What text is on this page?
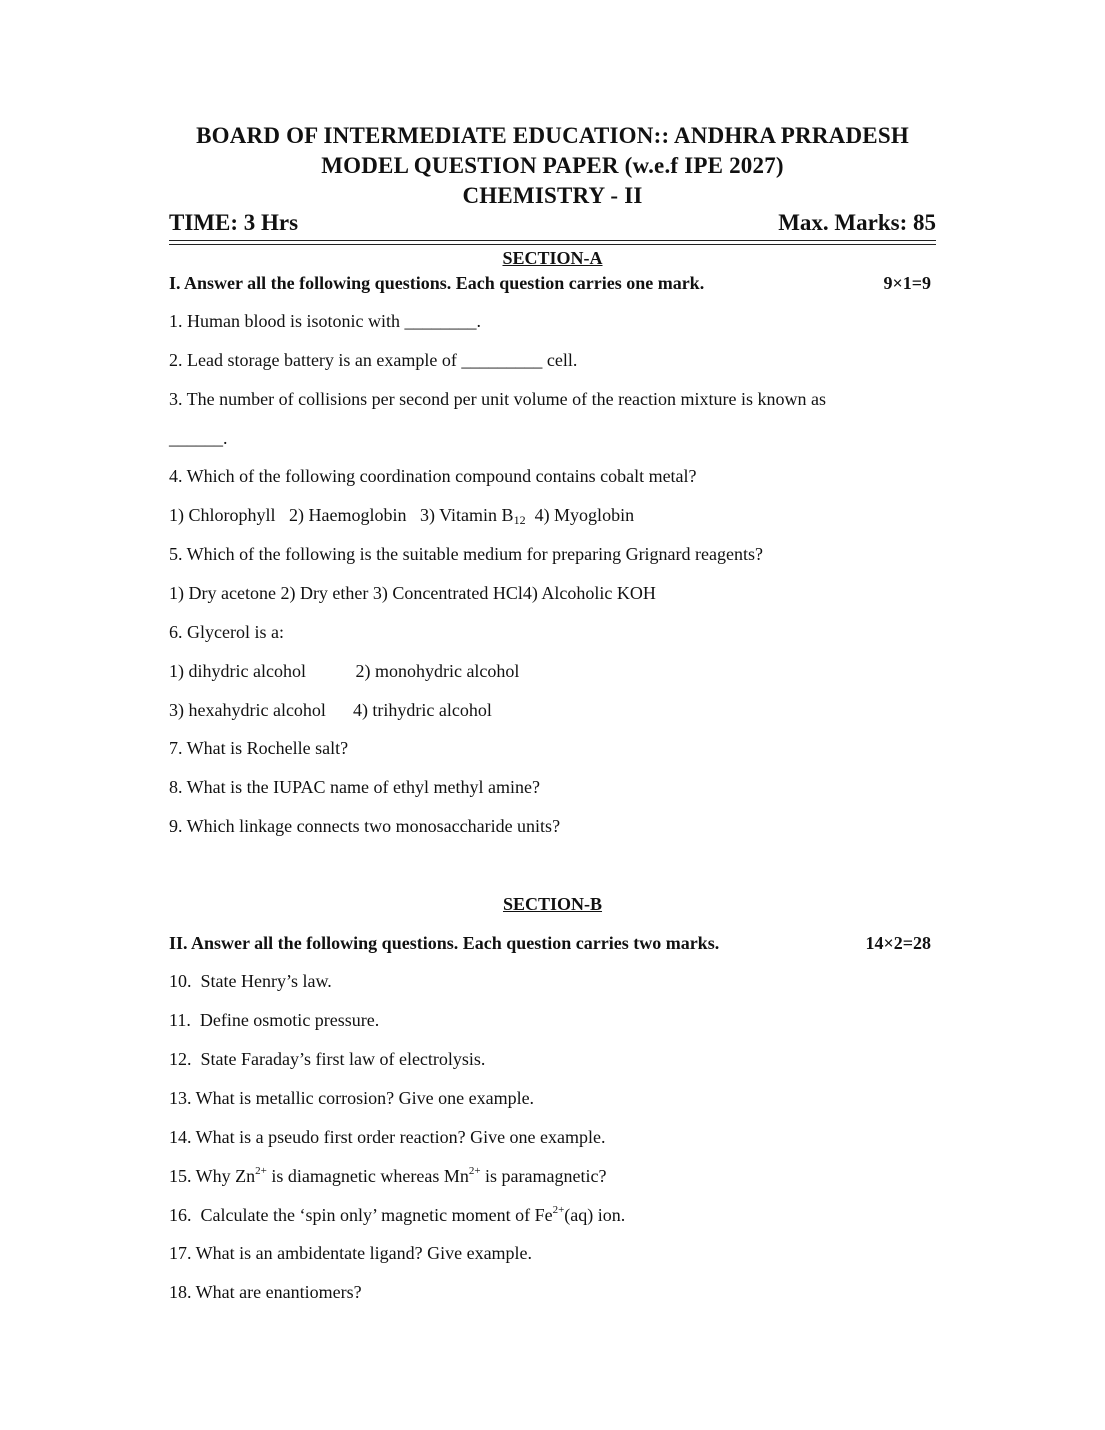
BOARD OF INTERMEDIATE EDUCATION:: ANDHRA PRRADESH
MODEL QUESTION PAPER (w.e.f IPE 2027)
CHEMISTRY - II
TIME: 3 Hrs	Max. Marks: 85
SECTION-A
I. Answer all the following questions. Each question carries one mark.	9×1=9
1. Human blood is isotonic with ________.
2. Lead storage battery is an example of _________ cell.
3. The number of collisions per second per unit volume of the reaction mixture is known as
______.
4. Which of the following coordination compound contains cobalt metal?
1) Chlorophyll   2) Haemoglobin   3) Vitamin $B_{12}$  4) Myoglobin
5. Which of the following is the suitable medium for preparing Grignard reagents?
1) Dry acetone 2) Dry ether 3) Concentrated HCl4) Alcoholic KOH
6. Glycerol is a:
1) dihydric alcohol           2) monohydric alcohol
3) hexahydric alcohol      4) trihydric alcohol
7. What is Rochelle salt?
8. What is the IUPAC name of ethyl methyl amine?
9. Which linkage connects two monosaccharide units?
SECTION-B
II. Answer all the following questions. Each question carries two marks.	14×2=28
10.  State Henry’s law.
11.  Define osmotic pressure.
12.  State Faraday’s first law of electrolysis.
13. What is metallic corrosion? Give one example.
14. What is a pseudo first order reaction? Give one example.
15. Why $Zn^{2+}$ is diamagnetic whereas $Mn^{2+}$ is paramagnetic?
16.  Calculate the ‘spin only’ magnetic moment of $Fe^{2+}(aq)$ ion.
17. What is an ambidentate ligand? Give example.
18. What are enantiomers?
